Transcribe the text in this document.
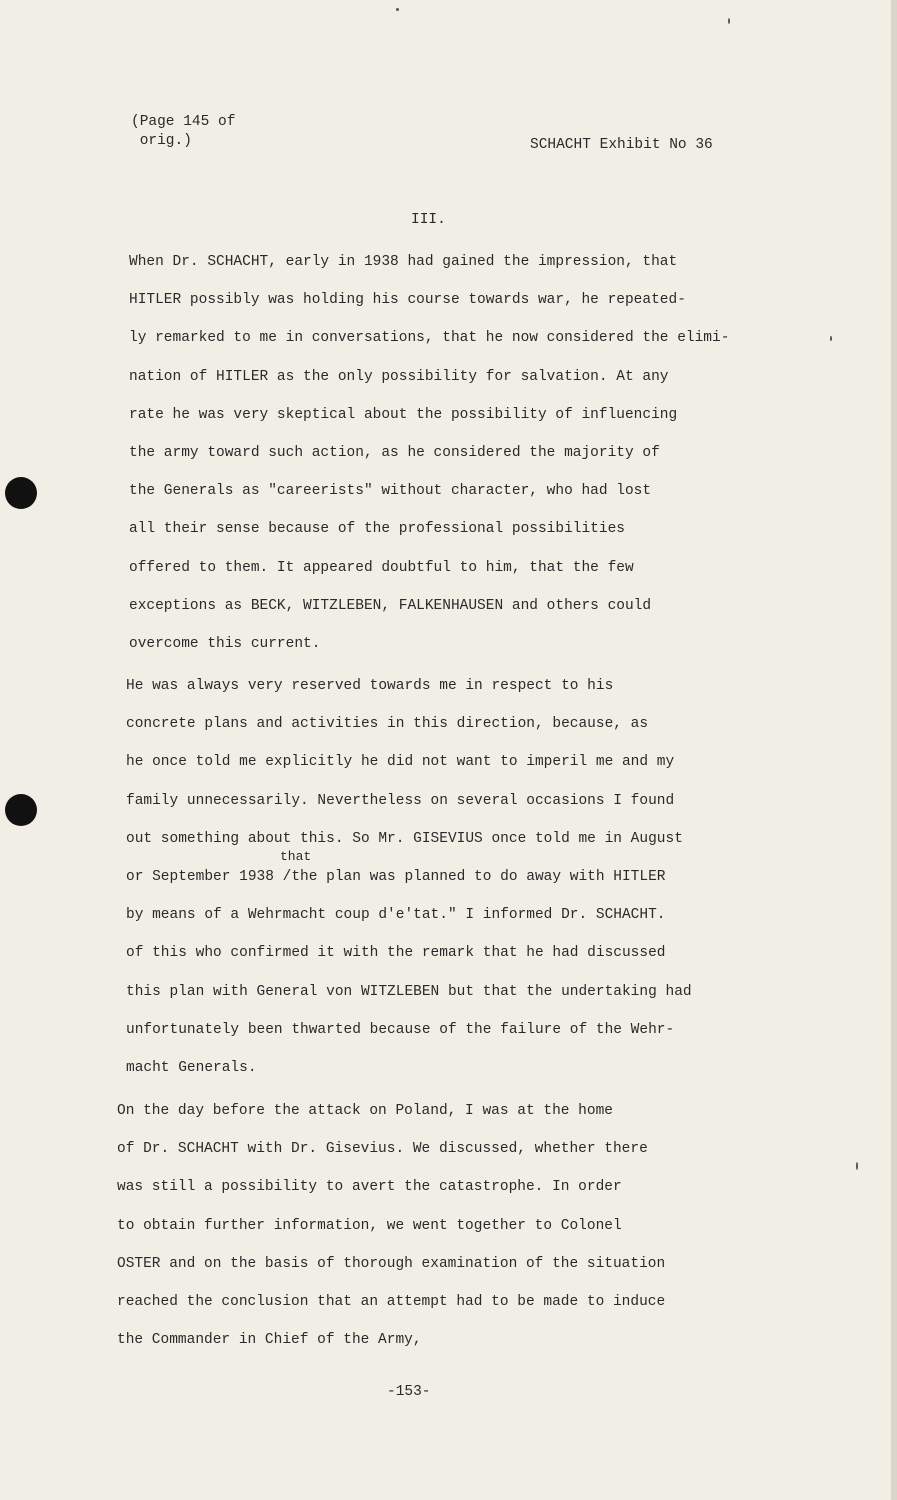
(Page 145 of
orig.)	SCHACHT Exhibit No 36

III.

When Dr. SCHACHT, early in 1938 had gained the impression, that
HITLER possibly was holding his course towards war, he repeated-
ly remarked to me in conversations, that he now considered the elimi-
nation of HITLER as the only possibility for salvation. At any
rate he was very skeptical about the possibility of influencing
the army toward such action, as he considered the majority of
the Generals as "careerists" without character, who had lost
all their sense because of the professional possibilities
offered to them. It appeared doubtful to him, that the few
exceptions as BECK, WITZLEBEN, FALKENHAUSEN and others could
overcome this current.
He was always very reserved towards me in respect to his
concrete plans and activities in this direction, because, as
he once told me explicitly he did not want to imperil me and my
family unnecessarily. Nevertheless on several occasions I found
out something about this. So Mr. GISEVIUS once told me in August
or September 1938 /the plan was planned to do away with HITLER
by means of a Wehrmacht coup d'e'tat." I informed Dr. SCHACHT.
of this who confirmed it with the remark that he had discussed
this plan with General von WITZLEBEN but that the undertaking had
unfortunately been thwarted because of the failure of the Wehr-
macht Generals.

that

On the day before the attack on Poland, I was at the home
of Dr. SCHACHT with Dr. Gisevius. We discussed, whether there
was still a possibility to avert the catastrophe. In order
to obtain further information, we went together to Colonel
OSTER and on the basis of thorough examination of the situation
reached the conclusion that an attempt had to be made to induce
the Commander in Chief of the Army,

-153-
